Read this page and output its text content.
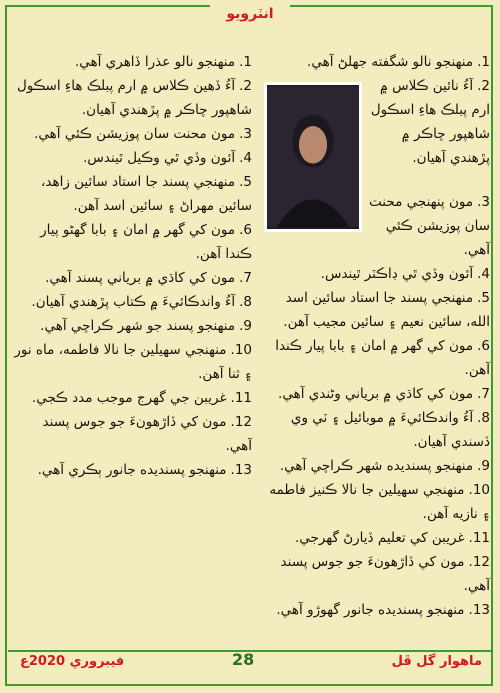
انٽرويو

1.منهنجو نالو شگفته جھلڻ آهي.

2.آءُ نائين ڪلاس ۾ ارم پبلڪ هاءِ اسڪول شاهپور چاڪر ۾ پڙهندي آهيان.

3.مون پنهنجي محنت سان پوزيشن ڪئي آهي.

4.آئون وڏي ٿي ڊاڪٽر ٿيندس.

5.منهنجي پسند جا استاد سائين اسد الله، سائين نعيم ۽ سائين مجيب آهن.

6.مون کي گهر ۾ امان ۽ بابا پيار ڪندا آهن.

7.مون کي کاڌي ۾ برياني وڻندي آهي.

8.آءُ واندڪائيءَ ۾ موبائيل ۽ ٽي وي ڏسندي آهيان.

9.منهنجو پسنديده شهر ڪراچي آهي.

10.منهنجي سهيلين جا نالا ڪنيز فاطمه ۽ نازيه آهن.

11.غريبن کي تعليم ڏيارڻ گهرجي.

12.مون کي ڏاڙهونءَ جو جوس پسند آهي.

13.منهنجو پسنديده جانور گهوڙو آهي.

1.منهنجو نالو عذرا ڏاهري آهي.

2.آءُ ڏهين ڪلاس ۾ ارم پبلڪ هاءِ اسڪول شاهپور چاڪر ۾ پڙهندي آهيان.

3.مون محنت سان پوزيشن ڪئي آهي.

4.آئون وڏي ٿي وڪيل ٿيندس.

5.منهنجي پسند جا استاد سائين زاهد، سائين مهراڻ ۽ سائين اسد آهن.

6.مون کي گهر ۾ امان ۽ بابا گهڻو پيار ڪندا آهن.

7.مون کي کاڌي ۾ برياني پسند آهي.

8.آءُ واندڪائيءَ ۾ ڪتاب پڙهندي آهيان.

9.منهنجو پسند جو شهر ڪراچي آهي.

10.منهنجي سهيلين جا نالا فاطمه، ماه نور ۽ ثنا آهن.

11.غريبن جي گهرج موجب مدد ڪجي.

12.مون کي ڏاڙهونءَ جو جوس پسند آهي.

13.منهنجو پسنديده جانور ٻڪري آهي.

فيبروري 2020ع	28	ماهوار گل ڦل
